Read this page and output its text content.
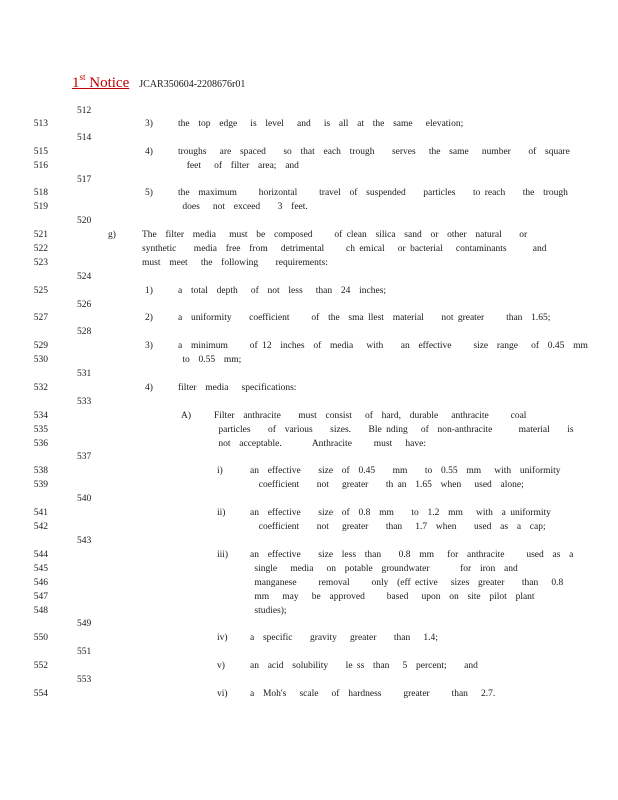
1st Notice JCAR350604-2208676r01
513
515
516
518
519
521
522
523
525
527
529
530
532
534
535
536
538
539
541
542
544
545
546
547
548
550
552
554
512
514
517
520
524
526
528
531
533
537
540
543
549
551
553
3)	the  top  edge   is  level   and   is  all  at  the  same   elevation;
4)	troughs   are  spaced    so  that  each  trough    serves   the  same   number    of  square
feet   of  filter  area;  and
5)	the  maximum     horizontal     travel  of  suspended    particles    to reach    the  trough
does   not  exceed    3  feet.
g)	The  filter  media   must  be  composed     of clean  silica  sand  or  other  natural    or
synthetic    media  free  from   detrimental     ch emical   or bacterial   contaminants      and
must  meet   the  following    requirements:
1)	a  total  depth   of  not  less   than  24  inches;
2)	a  uniformity    coefficient     of  the  sma llest  material    not greater     than  1.65;
3)	a  minimum     of 12  inches  of  media   with    an  effective     size  range   of  0.45  mm
to  0.55  mm;
4)	filter  media   specifications:
A) Filter  anthracite    must  consist   of  hard,  durable   anthracite     coal
particles    of  various    sizes.    Ble nding   of  non-anthracite      material    is
not  acceptable.       Anthracite     must   have:
i)	an  effective    size  of  0.45    mm    to  0.55  mm   with  uniformity
coefficient    not   greater    th an  1.65  when   used  alone;
ii)	an  effective    size  of  0.8  mm    to  1.2  mm   with  a uniformity
coefficient    not   greater    than   1.7  when    used  as  a  cap;
iii) an  effective    size  less  than    0.8  mm   for  anthracite     used  as  a
single   media   on  potable  groundwater       for  iron  and
manganese     removal     only  (eff ective   sizes  greater    than   0.8
mm   may   be  approved     based   upon  on  site  pilot  plant
studies);
iv) a  specific    gravity   greater    than   1.4;
v)	an  acid  solubility    le ss  than   5  percent;    and
vi) a  Moh's   scale   of  hardness     greater     than   2.7.
